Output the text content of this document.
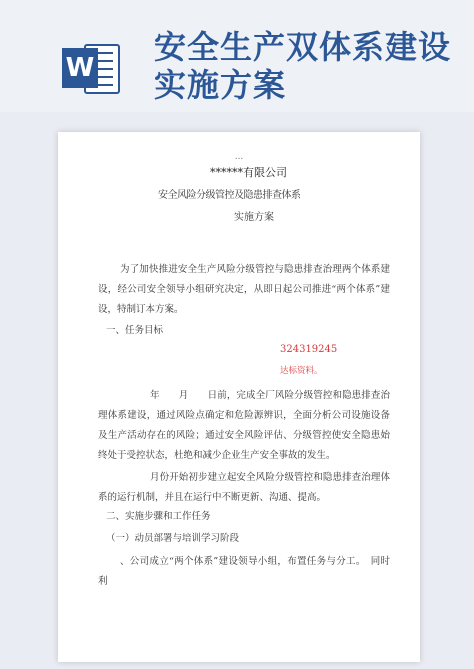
W
安全生产双体系建设实施方案
...
******有限公司
安全风险分级管控及隐患排查体系
实施方案

为了加快推进安全生产风险分级管控与隐患排查治理两个体系建设，经公司安全领导小组研究决定，从即日起公司推进“两个体系”建设，特制订本方案。

一、任务目标
324319245
达标资料。

年　　月　　日前，完成全厂风险分级管控和隐患排查治理体系建设，通过风险点确定和危险源辨识，全面分析公司设施设备及生产活动存在的风险；通过安全风险评估、分级管控使安全隐患始终处于受控状态，杜绝和减少企业生产安全事故的发生。

月份开始初步建立起安全风险分级管控和隐患排查治理体系的运行机制，并且在运行中不断更新、沟通、提高。

二、实施步骤和工作任务
（一）动员部署与培训学习阶段

、公司成立“两个体系”建设领导小组，布置任务与分工。　同时利
